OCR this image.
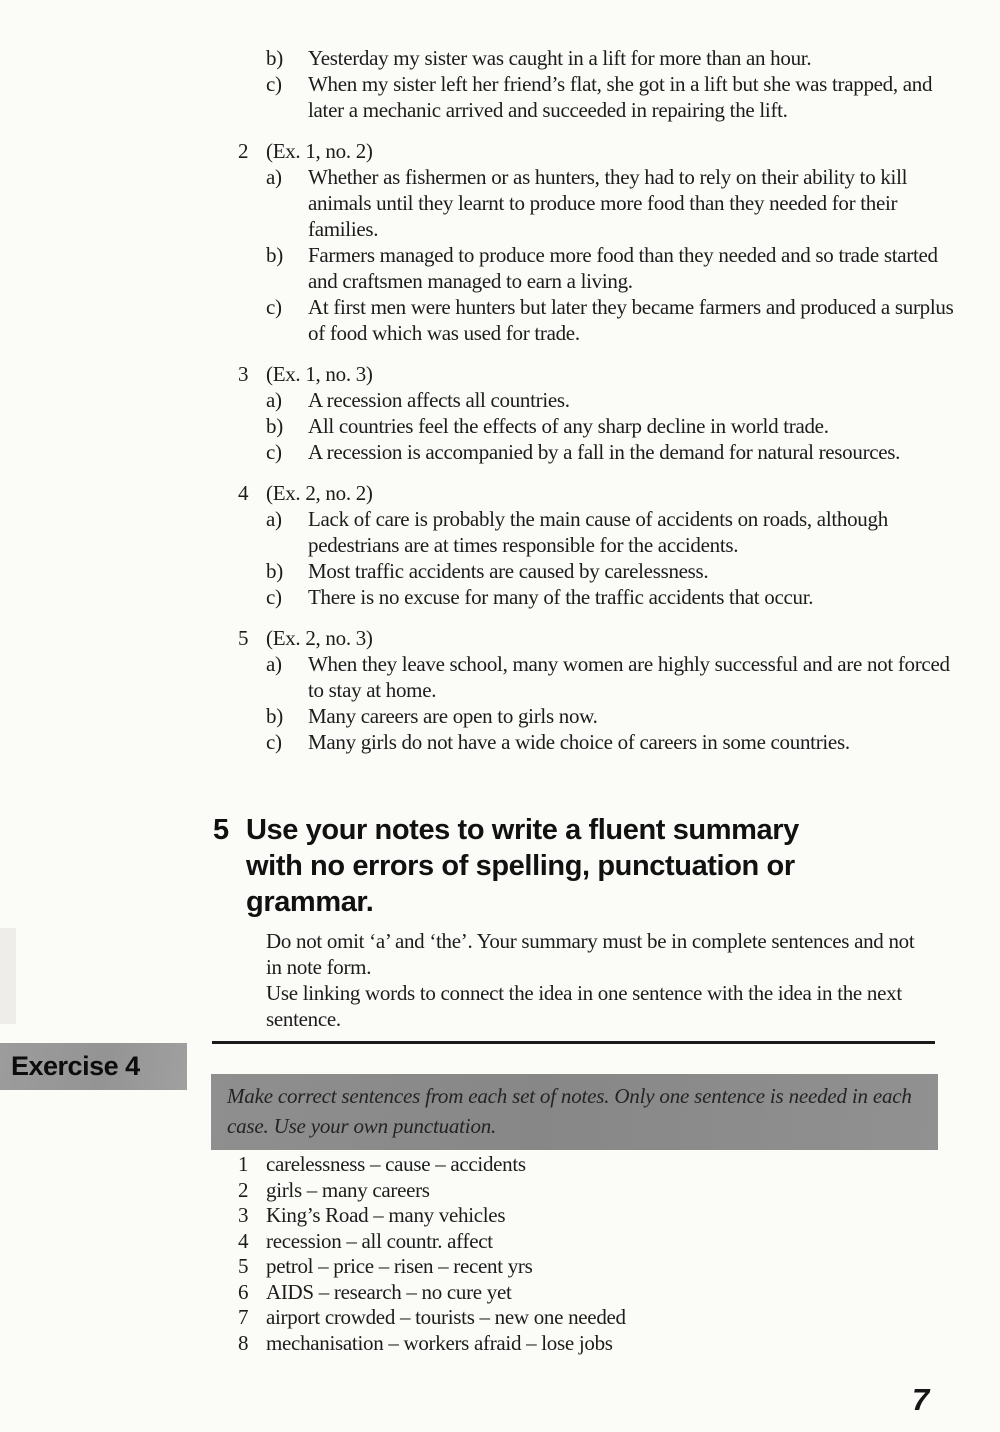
b)	Yesterday my sister was caught in a lift for more than an hour.
c)	When my sister left her friend’s flat, she got in a lift but she was trapped, and later a mechanic arrived and succeeded in repairing the lift.
2 (Ex. 1, no. 2)
a)	Whether as fishermen or as hunters, they had to rely on their ability to kill animals until they learnt to produce more food than they needed for their families.
b)	Farmers managed to produce more food than they needed and so trade started and craftsmen managed to earn a living.
c)	At first men were hunters but later they became farmers and produced a surplus of food which was used for trade.
3 (Ex. 1, no. 3)
a)	A recession affects all countries.
b)	All countries feel the effects of any sharp decline in world trade.
c)	A recession is accompanied by a fall in the demand for natural resources.
4 (Ex. 2, no. 2)
a)	Lack of care is probably the main cause of accidents on roads, although pedestrians are at times responsible for the accidents.
b)	Most traffic accidents are caused by carelessness.
c)	There is no excuse for many of the traffic accidents that occur.
5 (Ex. 2, no. 3)
a)	When they leave school, many women are highly successful and are not forced to stay at home.
b)	Many careers are open to girls now.
c)	Many girls do not have a wide choice of careers in some countries.
5 Use your notes to write a fluent summary
with no errors of spelling, punctuation or
grammar.
Do not omit ‘a’ and ‘the’. Your summary must be in complete sentences and not in note form.
Use linking words to connect the idea in one sentence with the idea in the next sentence.
Exercise 4
Make correct sentences from each set of notes. Only one sentence is needed in each case. Use your own punctuation.
1 carelessness – cause – accidents
2 girls – many careers
3 King’s Road – many vehicles
4 recession – all countr. affect
5 petrol – price – risen – recent yrs
6 AIDS – research – no cure yet
7 airport crowded – tourists – new one needed
8 mechanisation – workers afraid – lose jobs
7
